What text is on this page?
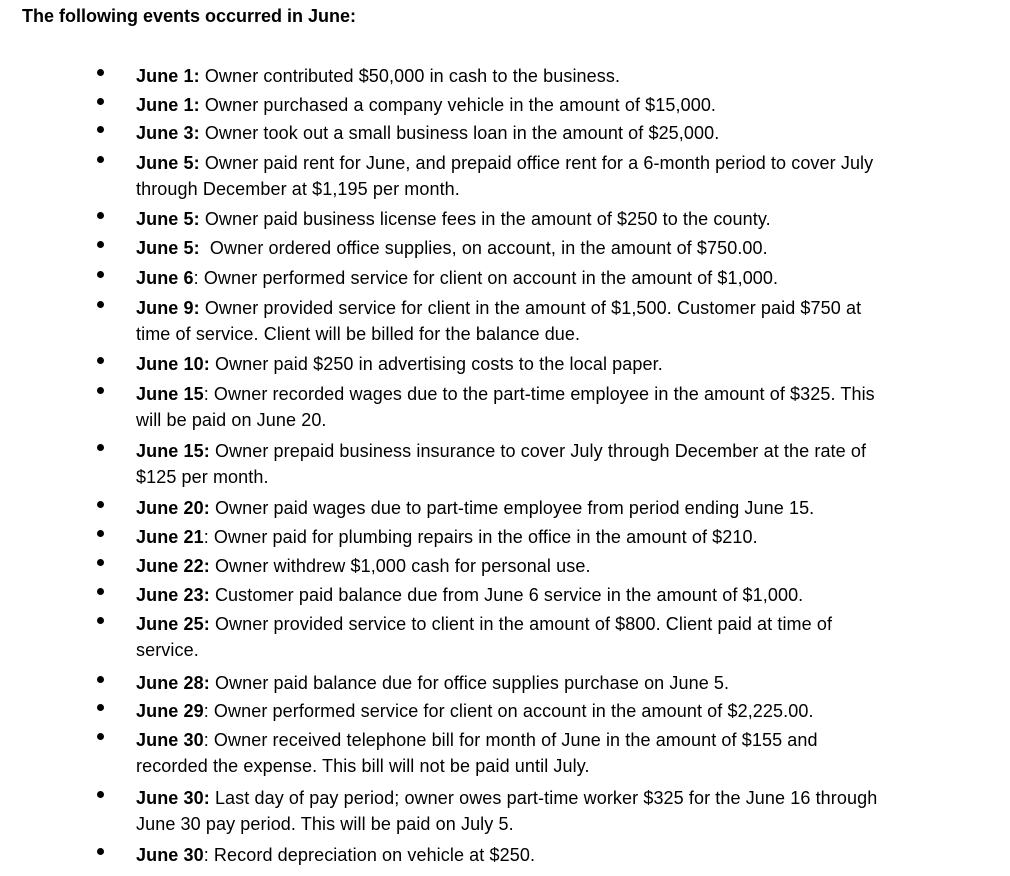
The following events occurred in June:
June 1: Owner contributed $50,000 in cash to the business.
June 1: Owner purchased a company vehicle in the amount of $15,000.
June 3: Owner took out a small business loan in the amount of $25,000.
June 5: Owner paid rent for June, and prepaid office rent for a 6-month period to cover July
through December at $1,195 per month.
June 5: Owner paid business license fees in the amount of $250 to the county.
June 5:  Owner ordered office supplies, on account, in the amount of $750.00.
June 6: Owner performed service for client on account in the amount of $1,000.
June 9: Owner provided service for client in the amount of $1,500. Customer paid $750 at
time of service. Client will be billed for the balance due.
June 10: Owner paid $250 in advertising costs to the local paper.
June 15: Owner recorded wages due to the part-time employee in the amount of $325. This
will be paid on June 20.
June 15: Owner prepaid business insurance to cover July through December at the rate of
$125 per month.
June 20: Owner paid wages due to part-time employee from period ending June 15.
June 21: Owner paid for plumbing repairs in the office in the amount of $210.
June 22: Owner withdrew $1,000 cash for personal use.
June 23: Customer paid balance due from June 6 service in the amount of $1,000.
June 25: Owner provided service to client in the amount of $800. Client paid at time of
service.
June 28: Owner paid balance due for office supplies purchase on June 5.
June 29: Owner performed service for client on account in the amount of $2,225.00.
June 30: Owner received telephone bill for month of June in the amount of $155 and
recorded the expense. This bill will not be paid until July.
June 30: Last day of pay period; owner owes part-time worker $325 for the June 16 through
June 30 pay period. This will be paid on July 5.
June 30: Record depreciation on vehicle at $250.
